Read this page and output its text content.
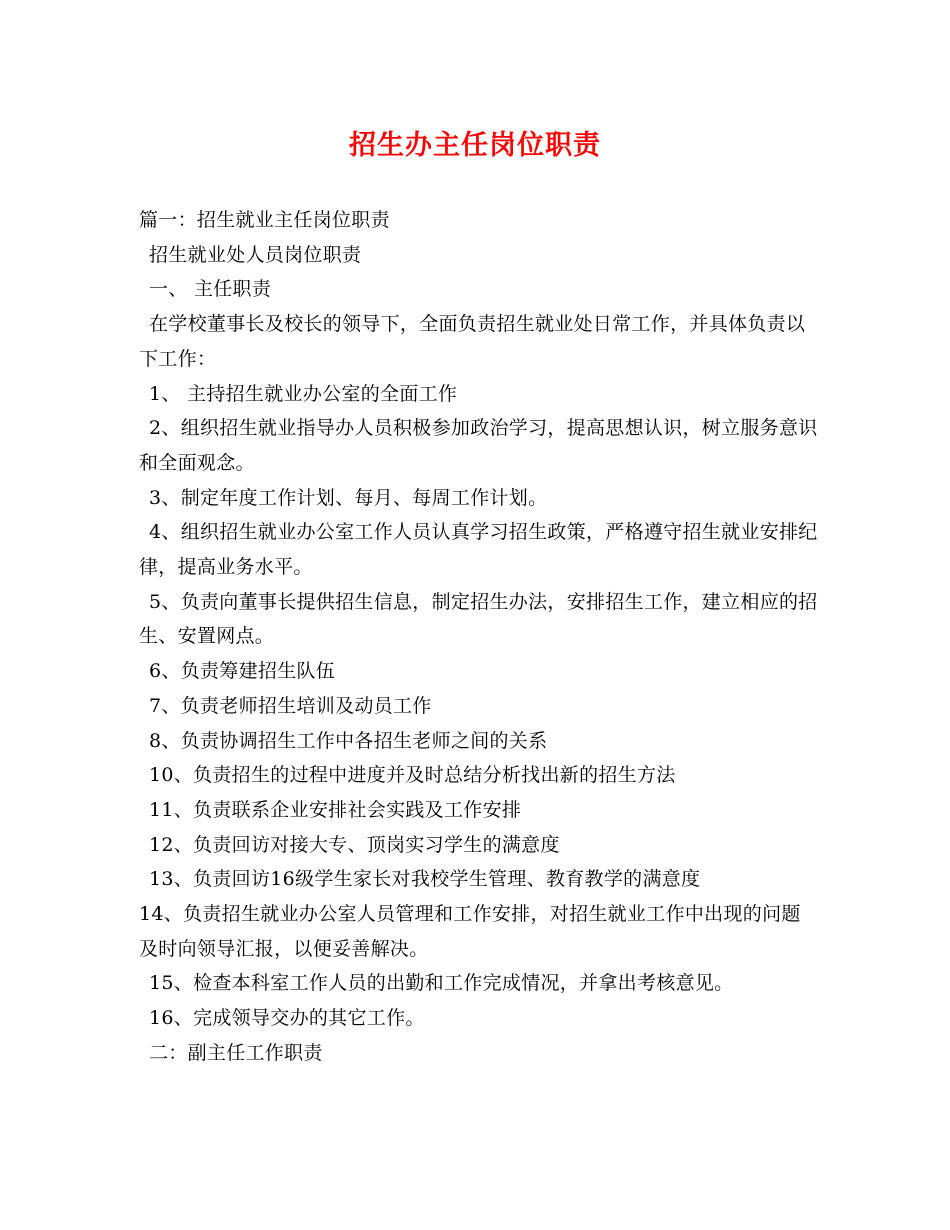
招生办主任岗位职责

篇一：招生就业主任岗位职责

招生就业处人员岗位职责

一、 主任职责

在学校董事长及校长的领导下，全面负责招生就业处日常工作，并具体负责以下工作：

1、 主持招生就业办公室的全面工作

2、组织招生就业指导办人员积极参加政治学习，提高思想认识，树立服务意识和全面观念。

3、制定年度工作计划、每月、每周工作计划。

4、组织招生就业办公室工作人员认真学习招生政策，严格遵守招生就业安排纪律，提高业务水平。

5、负责向董事长提供招生信息，制定招生办法，安排招生工作，建立相应的招生、安置网点。

6、负责筹建招生队伍

7、负责老师招生培训及动员工作

8、负责协调招生工作中各招生老师之间的关系

10、负责招生的过程中进度并及时总结分析找出新的招生方法

11、负责联系企业安排社会实践及工作安排

12、负责回访对接大专、顶岗实习学生的满意度

13、负责回访16级学生家长对我校学生管理、教育教学的满意度

14、负责招生就业办公室人员管理和工作安排，对招生就业工作中出现的问题及时向领导汇报，以便妥善解决。

15、检查本科室工作人员的出勤和工作完成情况，并拿出考核意见。

16、完成领导交办的其它工作。

二：副主任工作职责
